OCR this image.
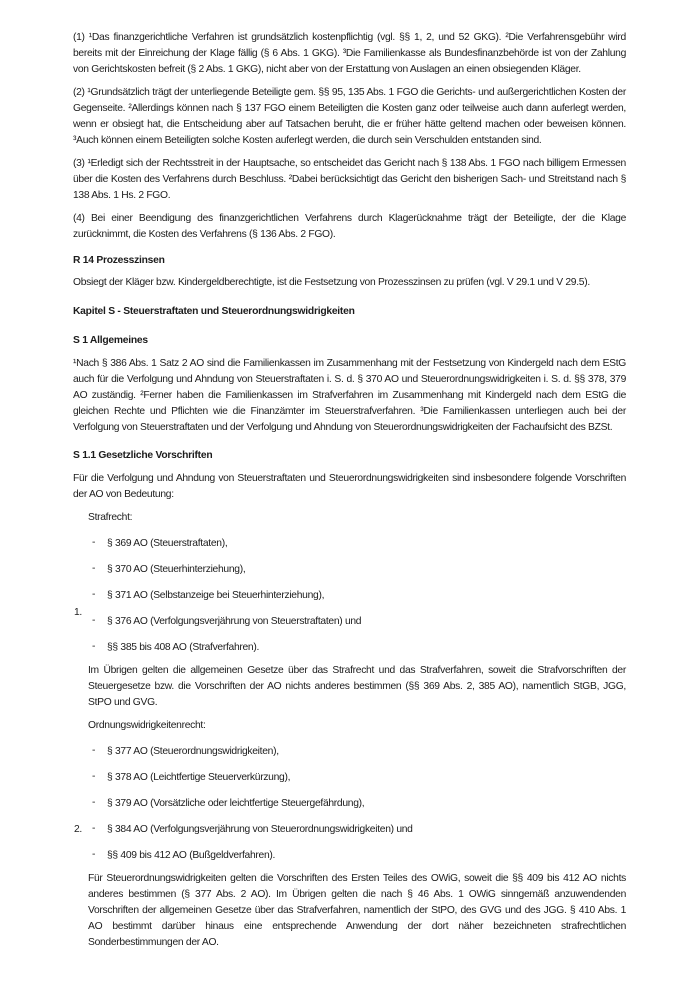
(1) ¹Das finanzgerichtliche Verfahren ist grundsätzlich kostenpflichtig (vgl. §§ 1, 2, und 52 GKG). ²Die Verfahrensgebühr wird bereits mit der Einreichung der Klage fällig (§ 6 Abs. 1 GKG). ³Die Familienkasse als Bundesfinanzbehörde ist von der Zahlung von Gerichtskosten befreit (§ 2 Abs. 1 GKG), nicht aber von der Erstattung von Auslagen an einen obsiegenden Kläger.

(2) ¹Grundsätzlich trägt der unterliegende Beteiligte gem. §§ 95, 135 Abs. 1 FGO die Gerichts- und außergerichtlichen Kosten der Gegenseite. ²Allerdings können nach § 137 FGO einem Beteiligten die Kosten ganz oder teilweise auch dann auferlegt werden, wenn er obsiegt hat, die Entscheidung aber auf Tatsachen beruht, die er früher hätte geltend machen oder beweisen können. ³Auch können einem Beteiligten solche Kosten auferlegt werden, die durch sein Verschulden entstanden sind.

(3) ¹Erledigt sich der Rechtsstreit in der Hauptsache, so entscheidet das Gericht nach § 138 Abs. 1 FGO nach billigem Ermessen über die Kosten des Verfahrens durch Beschluss. ²Dabei berücksichtigt das Gericht den bisherigen Sach- und Streitstand nach § 138 Abs. 1 Hs. 2 FGO.

(4) Bei einer Beendigung des finanzgerichtlichen Verfahrens durch Klagerücknahme trägt der Beteiligte, der die Klage zurücknimmt, die Kosten des Verfahrens (§ 136 Abs. 2 FGO).

R 14 Prozesszinsen

Obsiegt der Kläger bzw. Kindergeldberechtigte, ist die Festsetzung von Prozesszinsen zu prüfen (vgl. V 29.1 und V 29.5).

Kapitel S - Steuerstraftaten und Steuerordnungswidrigkeiten
S 1 Allgemeines

¹Nach § 386 Abs. 1 Satz 2 AO sind die Familienkassen im Zusammenhang mit der Festsetzung von Kindergeld nach dem EStG auch für die Verfolgung und Ahndung von Steuerstraftaten i. S. d. § 370 AO und Steuerordnungswidrigkeiten i. S. d. §§ 378, 379 AO zuständig. ²Ferner haben die Familienkassen im Strafverfahren im Zusammenhang mit Kindergeld nach dem EStG die gleichen Rechte und Pflichten wie die Finanzämter im Steuerstrafverfahren. ³Die Familienkassen unterliegen auch bei der Verfolgung von Steuerstraftaten und der Verfolgung und Ahndung von Steuerordnungswidrigkeiten der Fachaufsicht des BZSt.

S 1.1 Gesetzliche Vorschriften

Für die Verfolgung und Ahndung von Steuerstraftaten und Steuerordnungswidrigkeiten sind insbesondere folgende Vorschriften der AO von Bedeutung:

1.

Strafrecht:

- § 369 AO (Steuerstraftaten),
- § 370 AO (Steuerhinterziehung),
- § 371 AO (Selbstanzeige bei Steuerhinterziehung),
- § 376 AO (Verfolgungsverjährung von Steuerstraftaten) und
- §§ 385 bis 408 AO (Strafverfahren).

Im Übrigen gelten die allgemeinen Gesetze über das Strafrecht und das Strafverfahren, soweit die Strafvorschriften der Steuergesetze bzw. die Vorschriften der AO nichts anderes bestimmen (§§ 369 Abs. 2, 385 AO), namentlich StGB, JGG, StPO und GVG.

2.

Ordnungswidrigkeitenrecht:

- § 377 AO (Steuerordnungswidrigkeiten),
- § 378 AO (Leichtfertige Steuerverkürzung),
- § 379 AO (Vorsätzliche oder leichtfertige Steuergefährdung),
- § 384 AO (Verfolgungsverjährung von Steuerordnungswidrigkeiten) und
- §§ 409 bis 412 AO (Bußgeldverfahren).

Für Steuerordnungswidrigkeiten gelten die Vorschriften des Ersten Teiles des OWiG, soweit die §§ 409 bis 412 AO nichts anderes bestimmen (§ 377 Abs. 2 AO). Im Übrigen gelten die nach § 46 Abs. 1 OWiG sinngemäß anzuwendenden Vorschriften der allgemeinen Gesetze über das Strafverfahren, namentlich der StPO, des GVG und des JGG. § 410 Abs. 1 AO bestimmt darüber hinaus eine entsprechende Anwendung der dort näher bezeichneten strafrechtlichen Sonderbestimmungen der AO.
